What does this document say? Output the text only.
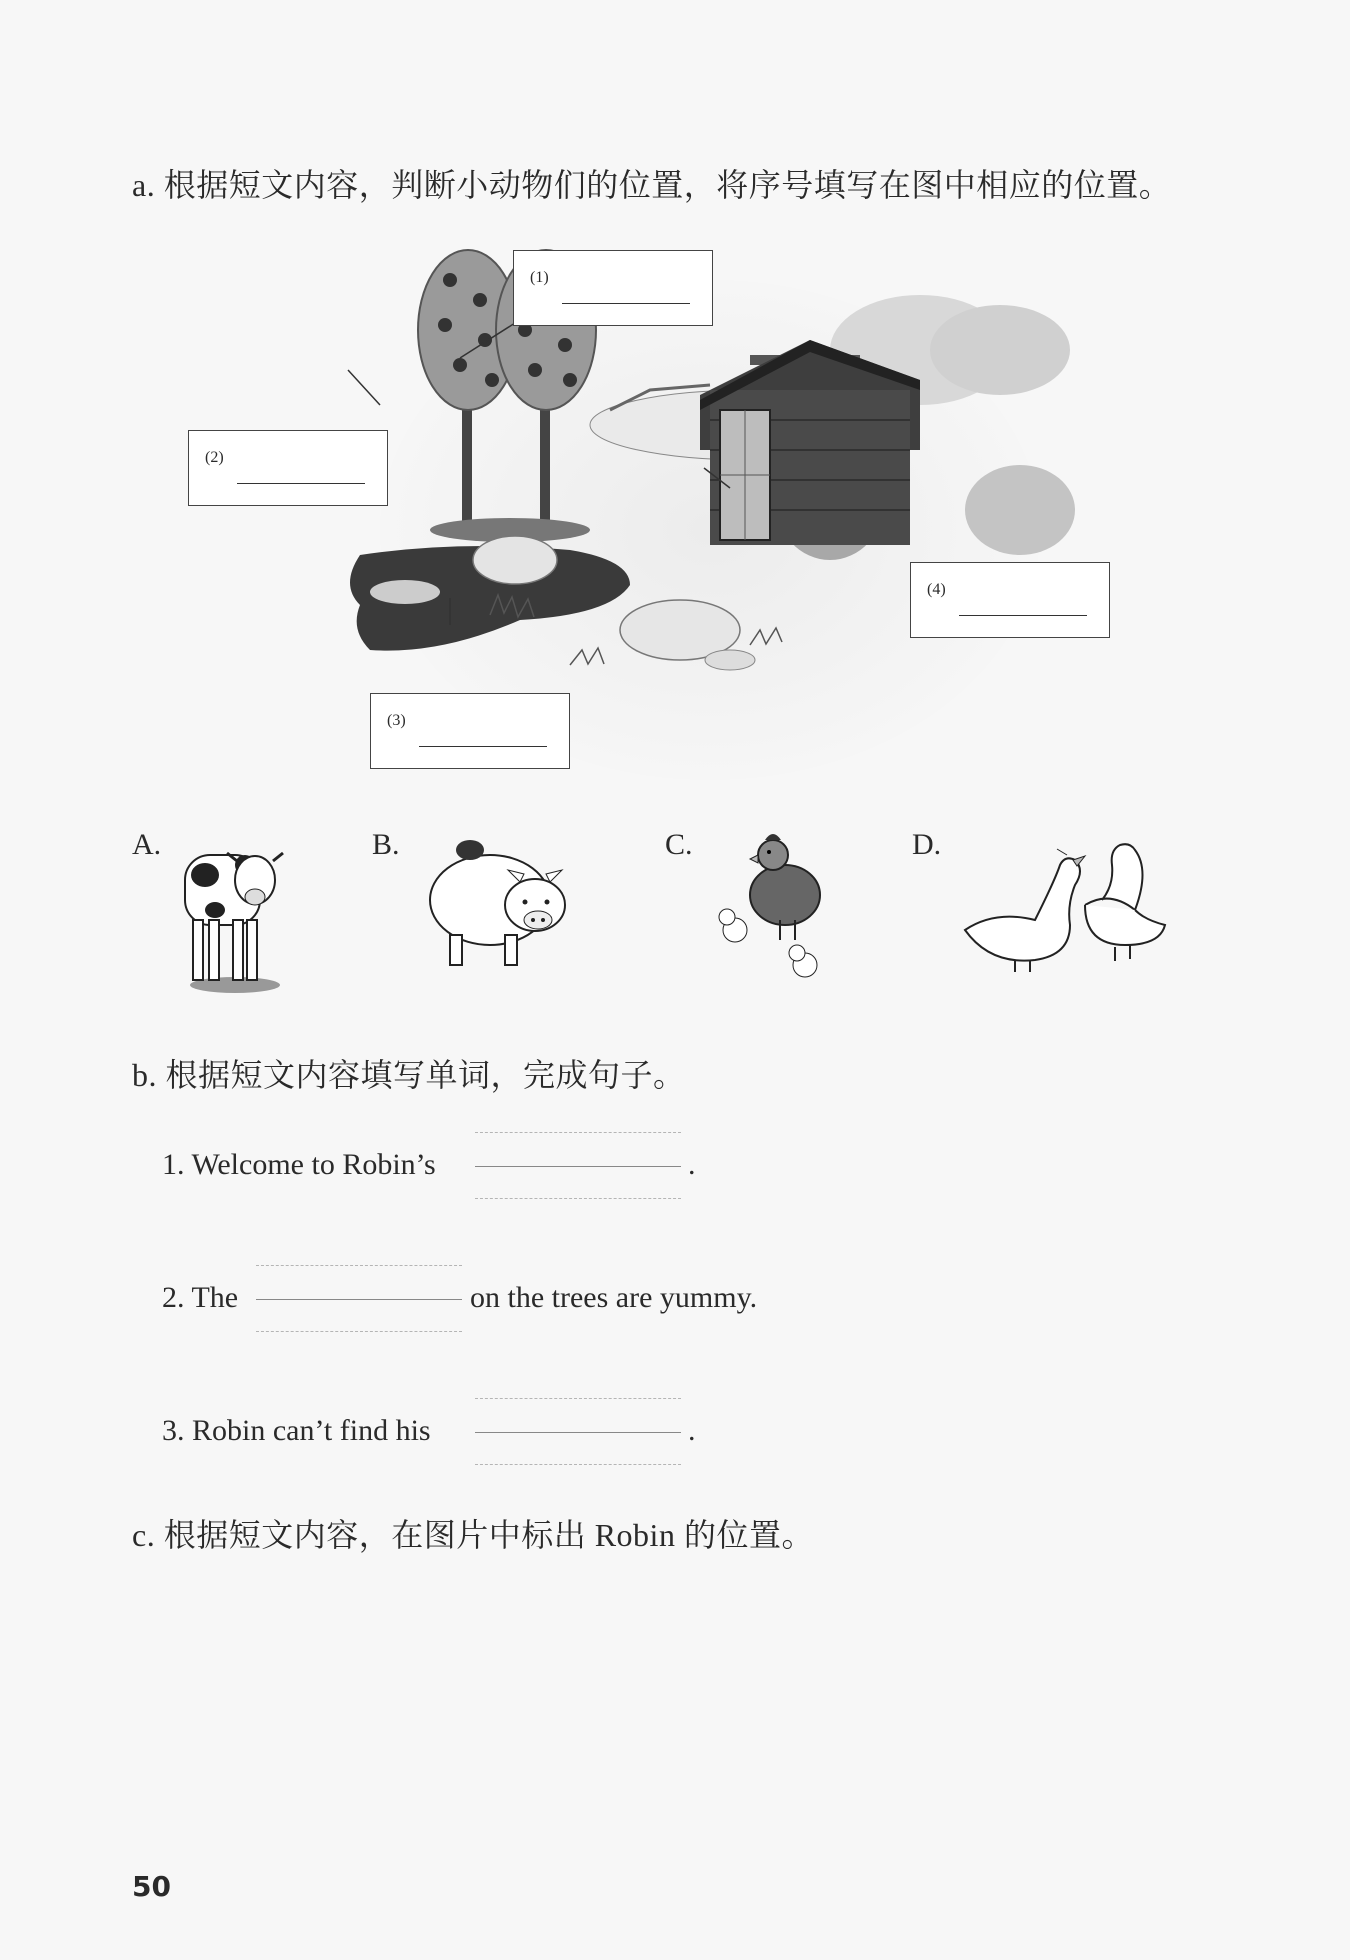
a. 根据短文内容，判断小动物们的位置，将序号填写在图中相应的位置。
(1)
(2)
(3)
(4)
A.	B.	C.	D.
b. 根据短文内容填写单词，完成句子。
1. Welcome to Robin’s	.
2. The	on the trees are yummy.
3. Robin can’t find his	.
c. 根据短文内容，在图片中标出 Robin 的位置。
50
